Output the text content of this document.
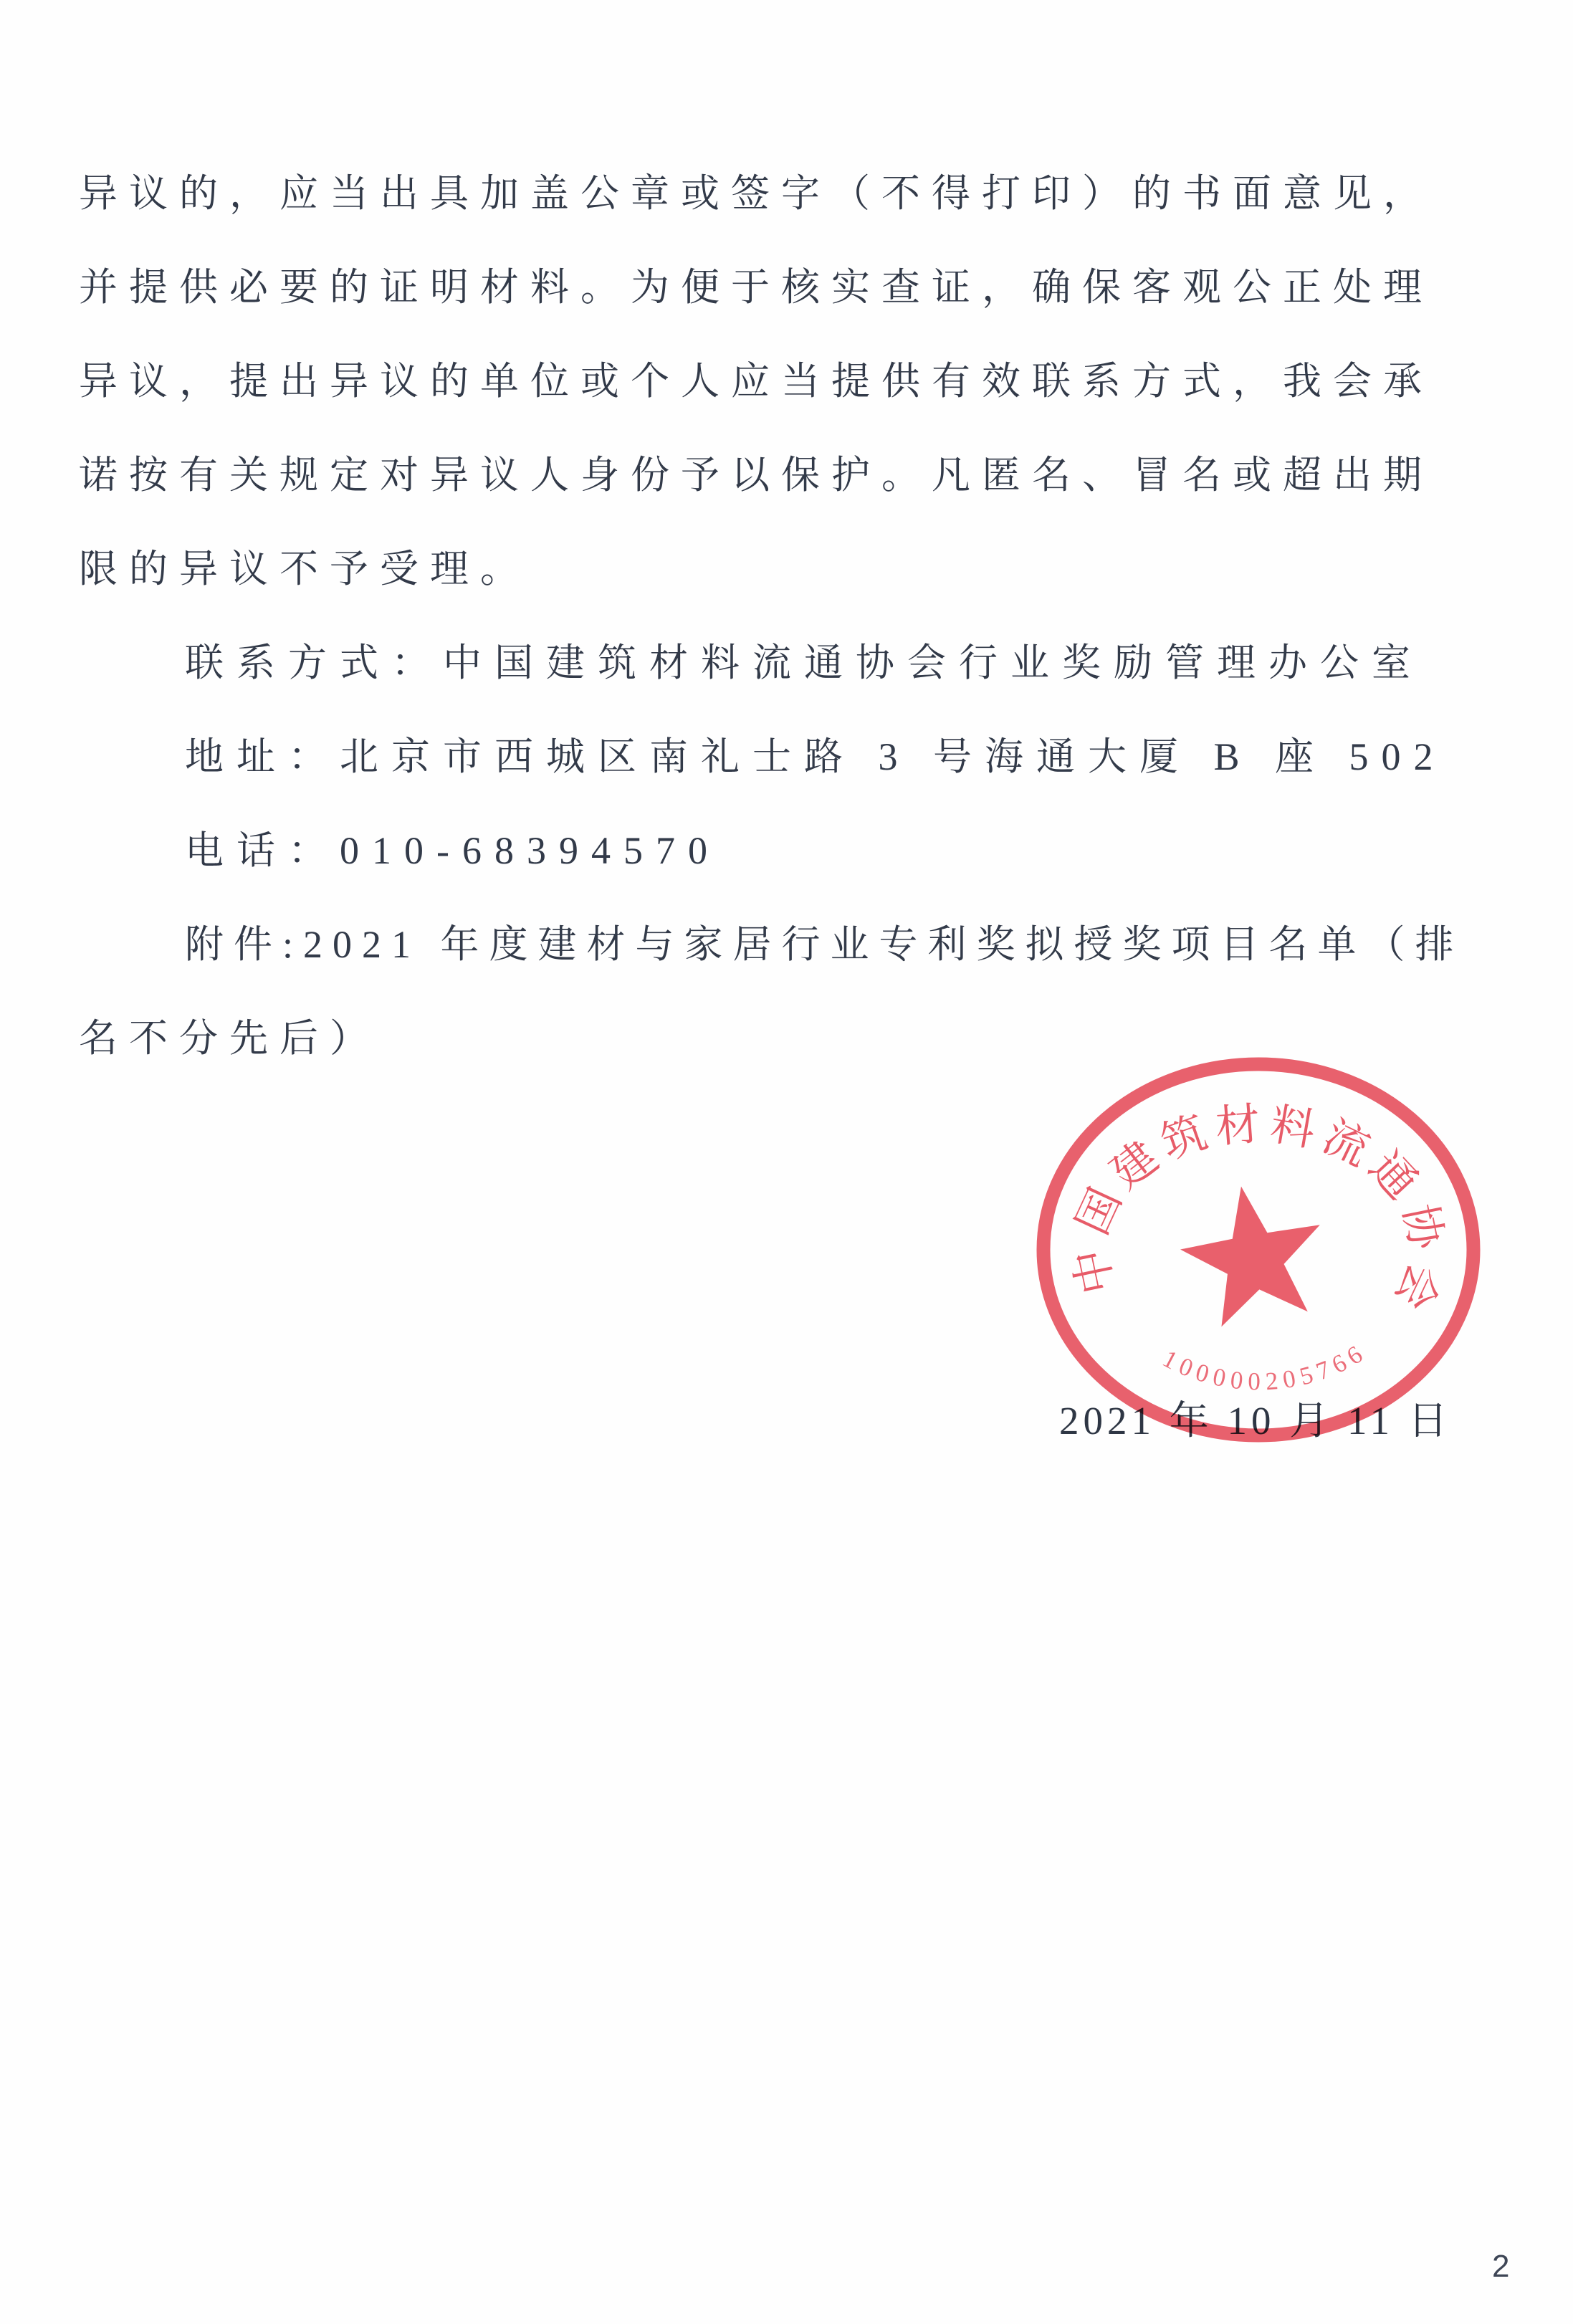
异议的，应当出具加盖公章或签字（不得打印）的书面意见，
并提供必要的证明材料。为便于核实查证，确保客观公正处理
异议，提出异议的单位或个人应当提供有效联系方式，我会承
诺按有关规定对异议人身份予以保护。凡匿名、冒名或超出期
限的异议不予受理。
联系方式：中国建筑材料流通协会行业奖励管理办公室
地址：北京市西城区南礼士路 3 号海通大厦 B 座 502
电话：010-68394570
附件:2021 年度建材与家居行业专利奖拟授奖项目名单（排
名不分先后）
2021 年 10 月 11 日
中国建筑材料流通协会
100000205766
2
